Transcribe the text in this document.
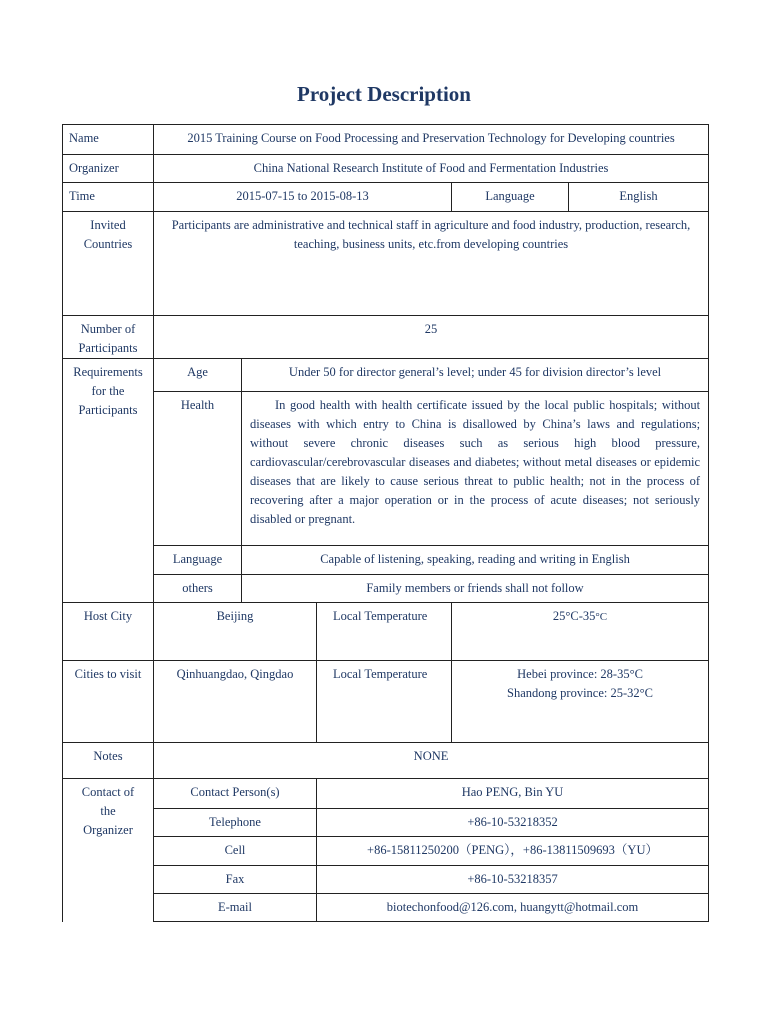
Project Description
Name	2015 Training Course on Food Processing and Preservation Technology for Developing countries				
Organizer	China National Research Institute of Food and Fermentation Industries				
Time	2015-07-15 to 2015-08-13			Language	English

Invited
Countries	Participants are administrative and technical staff in agriculture and food industry, production, research, teaching, business units, etc.from developing countries				

Number of
Participants	25				

Requirements
for the
Participants	Age	Under 50 for director general’s level; under 45 for division director’s level			
	Health	In good health with health certificate issued by the local public hospitals; without diseases with which entry to China is disallowed by China’s laws and regulations; without severe chronic diseases such as serious high blood pressure, cardiovascular/cerebrovascular diseases and diabetes; without metal diseases or epidemic diseases that are likely to cause serious threat to public health; not in the process of recovering after a major operation or in the process of acute diseases; not seriously disabled or pregnant.			

	Language	Capable of listening, speaking, reading and writing in English			
	others	Family members or friends shall not follow			
Host City	Beijing		Local Temperature	25°C-35°C	
Cities to visit	Qinhuangdao, Qingdao		Local Temperature	Hebei province: 28-35°C
Shandong province: 25-32°C	

Notes	NONE				

Contact of
the
Organizer	Contact Person(s)		Hao PENG, Bin YU		
	Telephone		+86-10-53218352		
	Cell		+86-15811250200（PENG），+86-13811509693（YU）		
	Fax		+86-10-53218357		
	E-mail		biotechonfood@126.com, huangytt@hotmail.com		
